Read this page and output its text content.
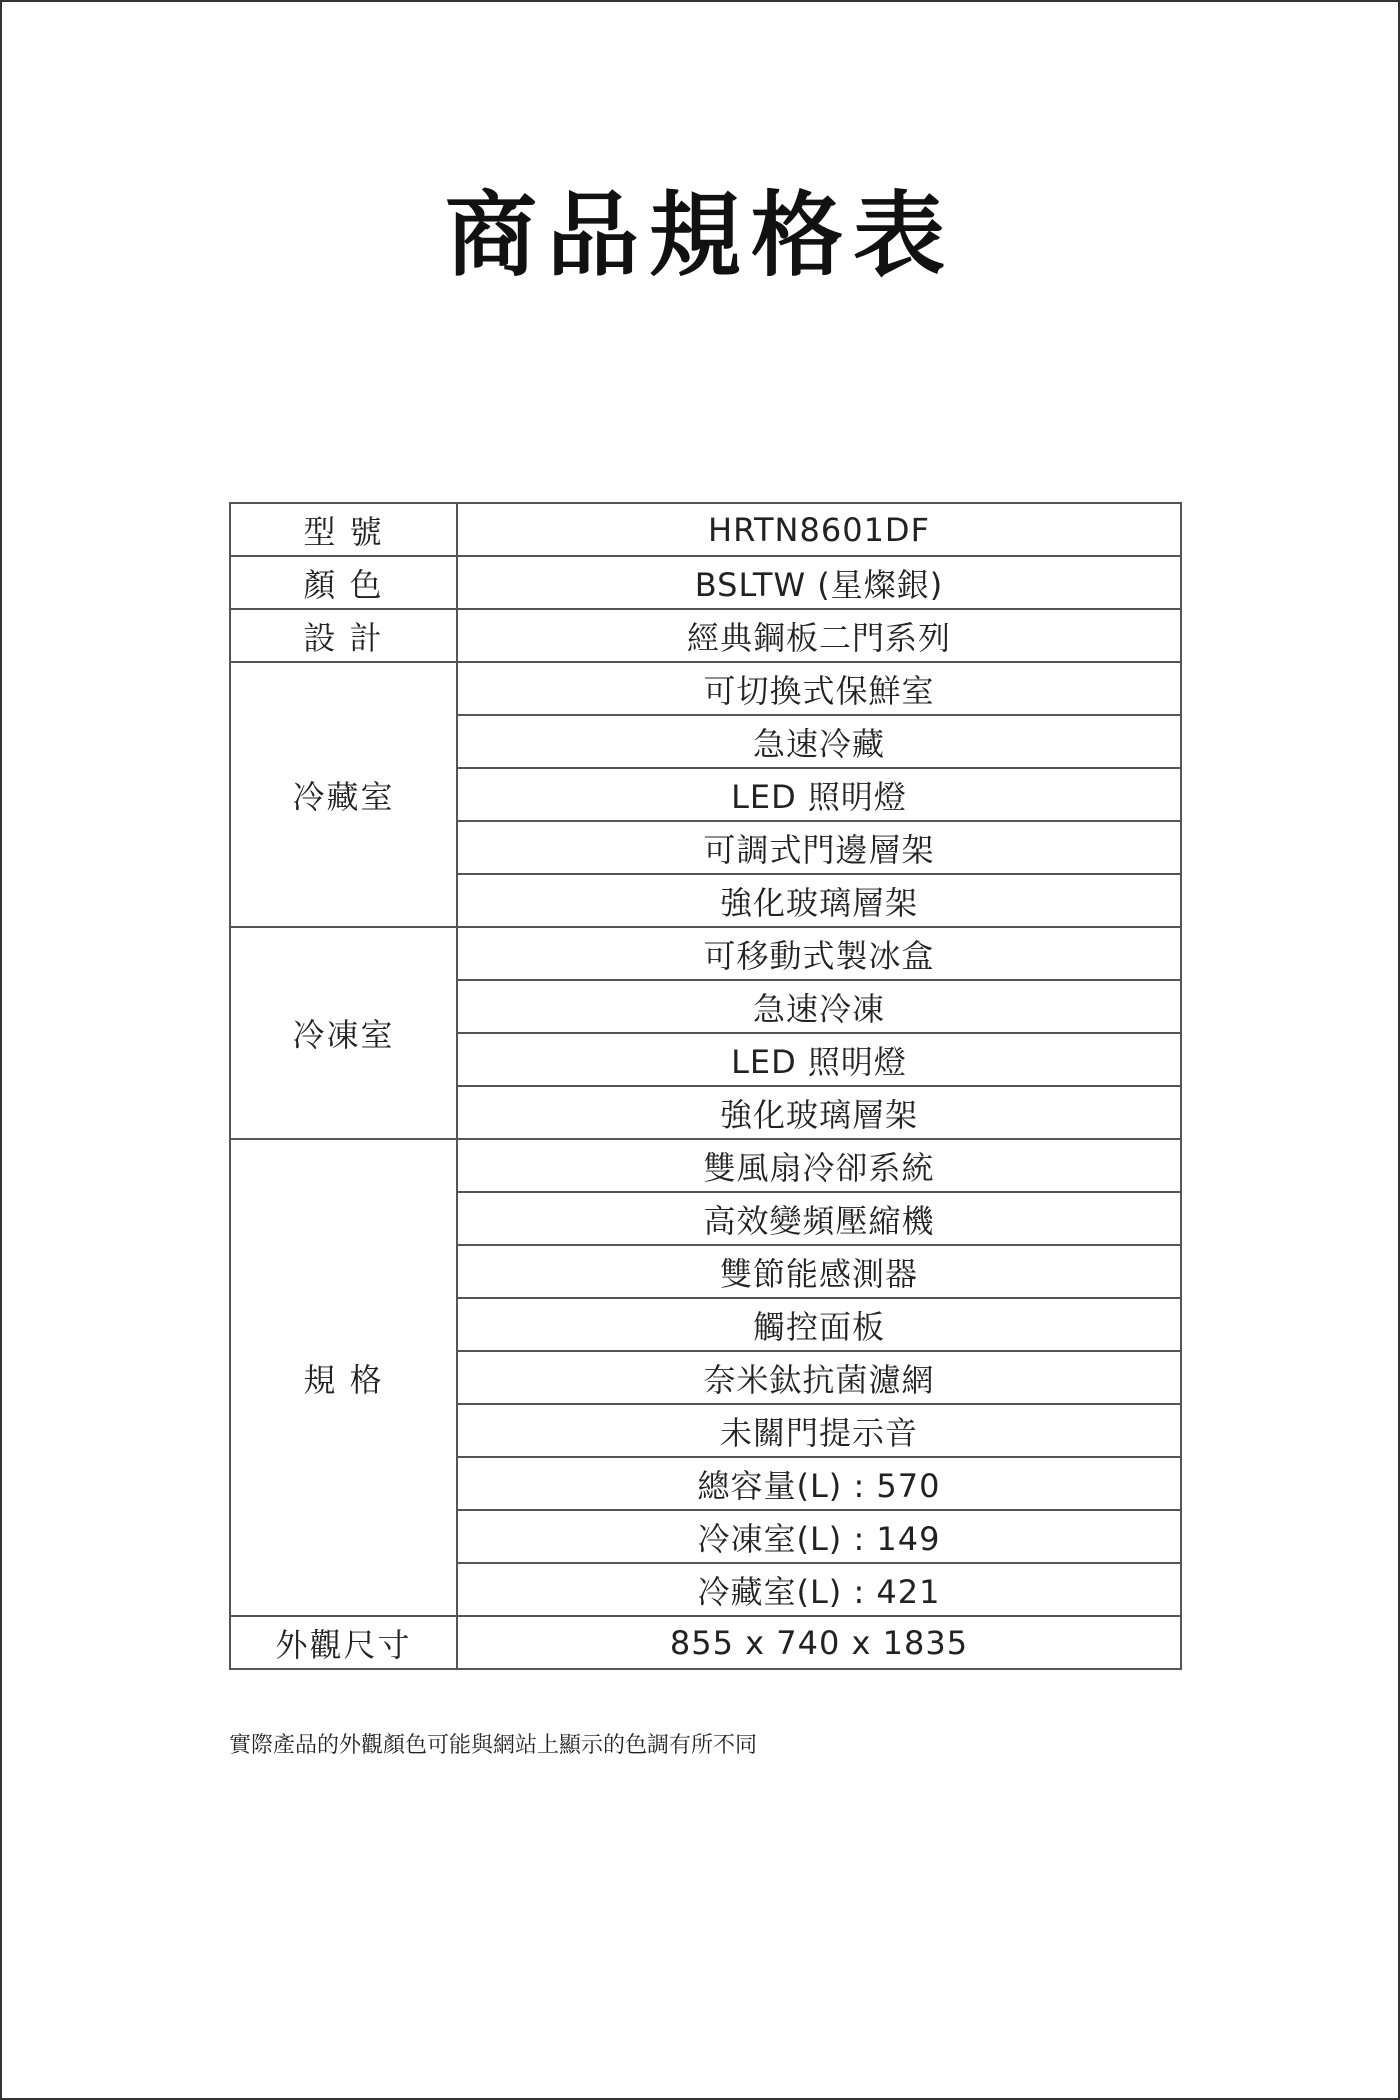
商品規格表
型 號	HRTN8601DF
顏 色	BSLTW (星燦銀)
設 計	經典鋼板二門系列
冷藏室	可切換式保鮮室
	急速冷藏
	LED 照明燈
	可調式門邊層架
	強化玻璃層架
冷凍室	可移動式製冰盒
	急速冷凍
	LED 照明燈
	強化玻璃層架
規 格	雙風扇冷卻系統
	高效變頻壓縮機
	雙節能感測器
	觸控面板
	奈米鈦抗菌濾網
	未關門提示音
	總容量(L) : 570
	冷凍室(L) : 149
	冷藏室(L) : 421
外觀尺寸	855 x 740 x 1835
實際產品的外觀顏色可能與網站上顯示的色調有所不同
